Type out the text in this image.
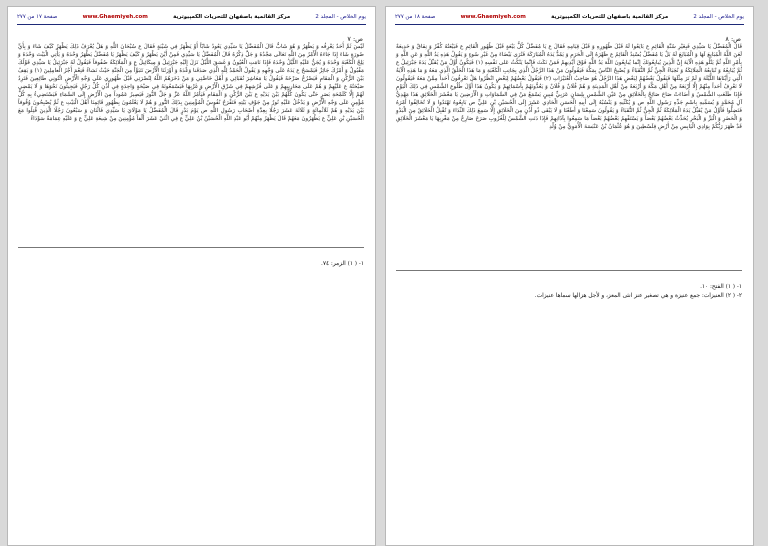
يوم الخلاص - المجلد 2
مركز القائمية باصفهان للتحريات الكمپيوترية
www.Ghaemiyeh.com
صفحة ١٧ من ٢٧٧
ص: ٧
لَيْسَ ثَمَّ أَحَدٌ يَعْرِفُه وَ يَظْهَرُ وَ هُوَ شَابٌّ قَالَ الْمُفَضَّلُ يَا سَيِّدِي يَعُودُ شَابّاً أَوْ يَظْهَرُ فِي شَيْبَةٍ فَقَالَ ع سُبْحَانَ اللَّهِ وَ هَلْ يُعْرَفُ ذَلِكَ يَظْهَرُ كَيْفَ شَاءَ وَ بِأَيِّ صُورَةٍ شَاءَ إِذَا جَاءَهُ الْأَمْرُ مِنَ اللَّهِ تَعَالَى مَجْدُهُ وَ جَلَّ ذِكْرُهُ قَالَ الْمُفَضَّلُ يَا سَيِّدِي فَمِنْ أَيْنَ يَظْهَرُ وَ كَيْفَ يَظْهَرُ يَا مُفَضَّلُ يَظْهَرُ وَحْدَهُ وَ يَأْتِي الْبَيْتَ وَحْدَهُ وَ يَلِجُ الْكَعْبَةَ وَحْدَهُ وَ يُجَنُّ عَلَيْهِ اللَّيْلُ وَحْدَهُ فَإِذَا نَامَتِ الْعُيُونُ وَ غَسَقَ اللَّيْلُ نَزَلَ إِلَيْهِ جَبْرَئِيلُ وَ مِيكَائِيلُ ع وَ الْمَلَائِكَةُ صُفُوفاً فَيَقُولُ لَهُ جَبْرَئِيلُ يَا سَيِّدِي قَوْلُكَ مَقْبُولٌ وَ أَمْرُكَ جَائِزٌ فَيَمْسَحُ ع يَدَهُ عَلَى وَجْهِهِ وَ يَقُولُ الْحَمْدُ لِلَّهِ الَّذِي صَدَقَنا وَعْدَهُ وَ أَوْرَثَنَا الْأَرْضَ نَتَبَوَّأُ مِنَ الْجَنَّةِ حَيْثُ نَشاءُ فَنِعْمَ أَجْرُ الْعامِلِينَ (١) وَ يَقِفُ بَيْنَ الرُّكْنِ وَ الْمَقَامِ فَيَصْرُخُ صَرْخَةً فَيَقُولُ يَا مَعَاشِرَ نُقَبَائِي وَ أَهْلَ خَاصَّتِي وَ مَنْ ذَخَرَهُمُ اللَّهُ لِنُصْرَتِي قَبْلَ ظُهُورِي عَلَى وَجْهِ الْأَرْضِ ائْتُونِي طَائِعِينَ فَتَرِدُ صَيْحَتُهُ ع عَلَيْهِمْ وَ هُمْ عَلَى مَحَارِيبِهِمْ وَ عَلَى فُرُشِهِمْ فِي شَرْقِ الْأَرْضِ وَ غَرْبِهَا فَيَسْمَعُونَهُ فِي صَيْحَةٍ وَاحِدَةٍ فِي أُذُنِ كُلِّ رَجُلٍ فَيَجِيئُونَ نَحْوَهَا وَ لَا يَمْضِي لَهُمْ إِلَّا كَلَمْحَةِ بَصَرٍ حَتَّى يَكُونَ كُلُّهُمْ بَيْنَ يَدَيْهِ ع بَيْنَ الرُّكْنِ وَ الْمَقَامِ فَيَأْمُرُ اللَّهُ عَزَّ وَ جَلَّ النُّورَ فَيَصِيرُ عَمُوداً مِنَ الْأَرْضِ إِلَى السَّمَاءِ فَيَسْتَضِيءُ بِهِ كُلُّ مُؤْمِنٍ عَلَى وَجْهِ الْأَرْضِ وَ يَدْخُلُ عَلَيْهِ نُورٌ مِنْ جَوْفِ بَيْتِهِ فَتَفْرَحُ نُفُوسُ الْمُؤْمِنِينَ بِذَلِكَ النُّورِ وَ هُمْ لَا يَعْلَمُونَ بِظُهُورِ قَائِمِنَا أَهْلَ الْبَيْتِ ع ثُمَّ يُصْبِحُونَ وُقُوفاً بَيْنَ يَدَيْهِ وَ هُمْ ثَلَاثُمِائَةٍ وَ ثَلَاثَةَ عَشَرَ رَجُلًا بِعِدَّةِ أَصْحَابِ رَسُولِ اللَّهِ ص يَوْمَ بَدْرٍ قَالَ الْمُفَضَّلُ يَا مَوْلَايَ يَا سَيِّدِي فَاثْنَانِ وَ سَبْعُونَ رَجُلًا الَّذِينَ قُتِلُوا مَعَ الْحُسَيْنِ بْنِ عَلِيٍّ ع يَظْهَرُونَ مَعَهُمْ قَالَ يَظْهَرُ مِنْهُمْ أَبُو عَبْدِ اللَّهِ الْحُسَيْنُ بْنُ عَلِيٍّ ع فِي اثْنَيْ عَشَرَ أَلْفاً مُؤْمِنِينَ مِنْ شِيعَةِ عَلِيٍّ ع وَ عَلَيْهِ عِمَامَةٌ سَوْدَاءُ
١- ( ١) الزمر: ٧٤.
يوم الخلاص - المجلد 2
مركز القائمية باصفهان للتحريات الكمپيوترية
www.Ghaemiyeh.com
صفحة ١٨ من ٢٧٧
ص: ٨
قَالَ الْمُفَضَّلُ يَا سَيِّدِي فَبِغَيْرِ سُنَّةِ الْقَائِمِ ع بَايَعُوا لَهُ قَبْلَ ظُهُورِهِ وَ قَبْلَ قِيَامِهِ فَقَالَ ع يَا مُفَضَّلُ كُلُّ بَيْعَةٍ قَبْلَ ظُهُورِ الْقَائِمِ ع فَبَيْعَتُهُ كُفْرٌ وَ نِفَاقٌ وَ خَدِيعَةٌ لَعَنَ اللَّهُ الْمُبَايِعَ لَهَا وَ الْمُبَايَعَ لَهُ بَلْ يَا مُفَضَّلُ يُسْنِدُ الْقَائِمُ ع ظَهْرَهُ إِلَى الْحَرَمِ وَ يَمُدُّ يَدَهُ الْمُبَارَكَةَ فَتُرَى بَيْضَاءَ مِنْ غَيْرِ سُوءٍ وَ يَقُولُ هَذِهِ يَدُ اللَّهِ وَ عَنِ اللَّهِ وَ بِأَمْرِ اللَّهِ ثُمَّ يَتْلُو هَذِهِ الْآيَةَ إِنَّ الَّذِينَ يُبايِعُونَكَ إِنَّما يُبايِعُونَ اللَّهَ يَدُ اللَّهِ فَوْقَ أَيْدِيهِمْ فَمَنْ نَكَثَ فَإِنَّما يَنْكُثُ عَلى نَفْسِهِ (١) فَيَكُونُ أَوَّلُ مَنْ يُقَبِّلُ يَدَهُ جَبْرَئِيلُ ع ثُمَّ يُبَايِعُهُ وَ تُبَايِعُهُ الْمَلَائِكَةُ وَ نُجَبَاءُ الْجِنِّ ثُمَّ النُّقَبَاءُ وَ يُصْبِحُ النَّاسُ بِمَكَّةَ فَيَقُولُونَ مَنْ هَذَا الرَّجُلُ الَّذِي بِجَانِبِ الْكَعْبَةِ وَ مَا هَذَا الْخَلْقُ الَّذِي مَعَهُ وَ مَا هَذِهِ الْآيَةُ الَّتِي رَأَيْنَاهَا اللَّيْلَةَ وَ لَمْ نَرَ مِثْلَهَا فَيَقُولُ بَعْضُهُمْ لِبَعْضٍ هَذَا الرَّجُلُ هُوَ صَاحِبُ الْعُنَيْزَاتِ (٢) فَيَقُولُ بَعْضُهُمْ لِبَعْضٍ انْظُرُوا هَلْ تَعْرِفُونَ أَحَداً مِمَّنْ مَعَهُ فَيَقُولُونَ لَا نَعْرِفُ أَحَداً مِنْهُمْ إِلَّا أَرْبَعَةً مِنْ أَهْلِ مَكَّةَ وَ أَرْبَعَةً مِنْ أَهْلِ الْمَدِينَةِ وَ هُمْ فُلَانٌ وَ فُلَانٌ وَ يَعُدُّونَهُمْ بِأَسْمَائِهِمْ وَ يَكُونُ هَذَا أَوَّلَ طُلُوعِ الشَّمْسِ فِي ذَلِكَ الْيَوْمِ فَإِذَا طَلَعَتِ الشَّمْسُ وَ أَضَاءَتْ صَاحَ صَائِحٌ بِالْخَلَائِقِ مِنْ عَيْنِ الشَّمْسِ بِلِسَانٍ عَرَبِيٍّ مُبِينٍ يَسْمَعُ مَنْ فِي السَّمَاوَاتِ وَ الْأَرَضِينَ يَا مَعْشَرَ الْخَلَائِقِ هَذَا مَهْدِيُّ آلِ مُحَمَّدٍ وَ يُسَمِّيهِ بِاسْمِ جَدِّهِ رَسُولِ اللَّهِ ص وَ يُكَنِّيهِ وَ يَنْسُبُهُ إِلَى أَبِيهِ الْحَسَنِ الْحَادِي عَشَرَ إِلَى الْحُسَيْنِ بْنِ عَلِيٍّ ص بَايِعُوهُ تَهْتَدُوا وَ لَا تُخَالِفُوا أَمْرَهُ فَتَضِلُّوا فَأَوَّلُ مَنْ يُقَبِّلُ يَدَهُ الْمَلَائِكَةُ ثُمَّ الْجِنُّ ثُمَّ النُّقَبَاءُ وَ يَقُولُونَ سَمِعْنَا وَ أَطَعْنَا وَ لَا يَبْقَى ذُو أُذُنٍ مِنَ الْخَلَائِقِ إِلَّا سَمِعَ ذَلِكَ النِّدَاءَ وَ تُقْبِلُ الْخَلَائِقُ مِنَ الْبَدْوِ وَ الْحَضَرِ وَ الْبَرِّ وَ الْبَحْرِ يُحَدِّثُ بَعْضُهُمْ بَعْضاً وَ يَسْتَفْهِمُ بَعْضُهُمْ بَعْضاً مَا سَمِعُوا بِآذَانِهِمْ فَإِذَا دَنَتِ الشَّمْسُ لِلْغُرُوبِ صَرَخَ صَارِخٌ مِنْ مَغْرِبِهَا يَا مَعْشَرَ الْخَلَائِقِ قَدْ ظَهَرَ رَبُّكُمْ بِوَادِي الْيَابِسِ مِنْ أَرْضِ فِلَسْطِينَ وَ هُوَ عُثْمَانُ بْنُ عَنْبَسَةَ الْأُمَوِيُّ مِنْ وُلْدِ
١- ( ١) الفتح: ١٠.
٢- ( ٢) العنيزات: جمع عنيزة و هي تصغير عنز انثى المعز، و لأجل هزالها سماها عنيزات.
